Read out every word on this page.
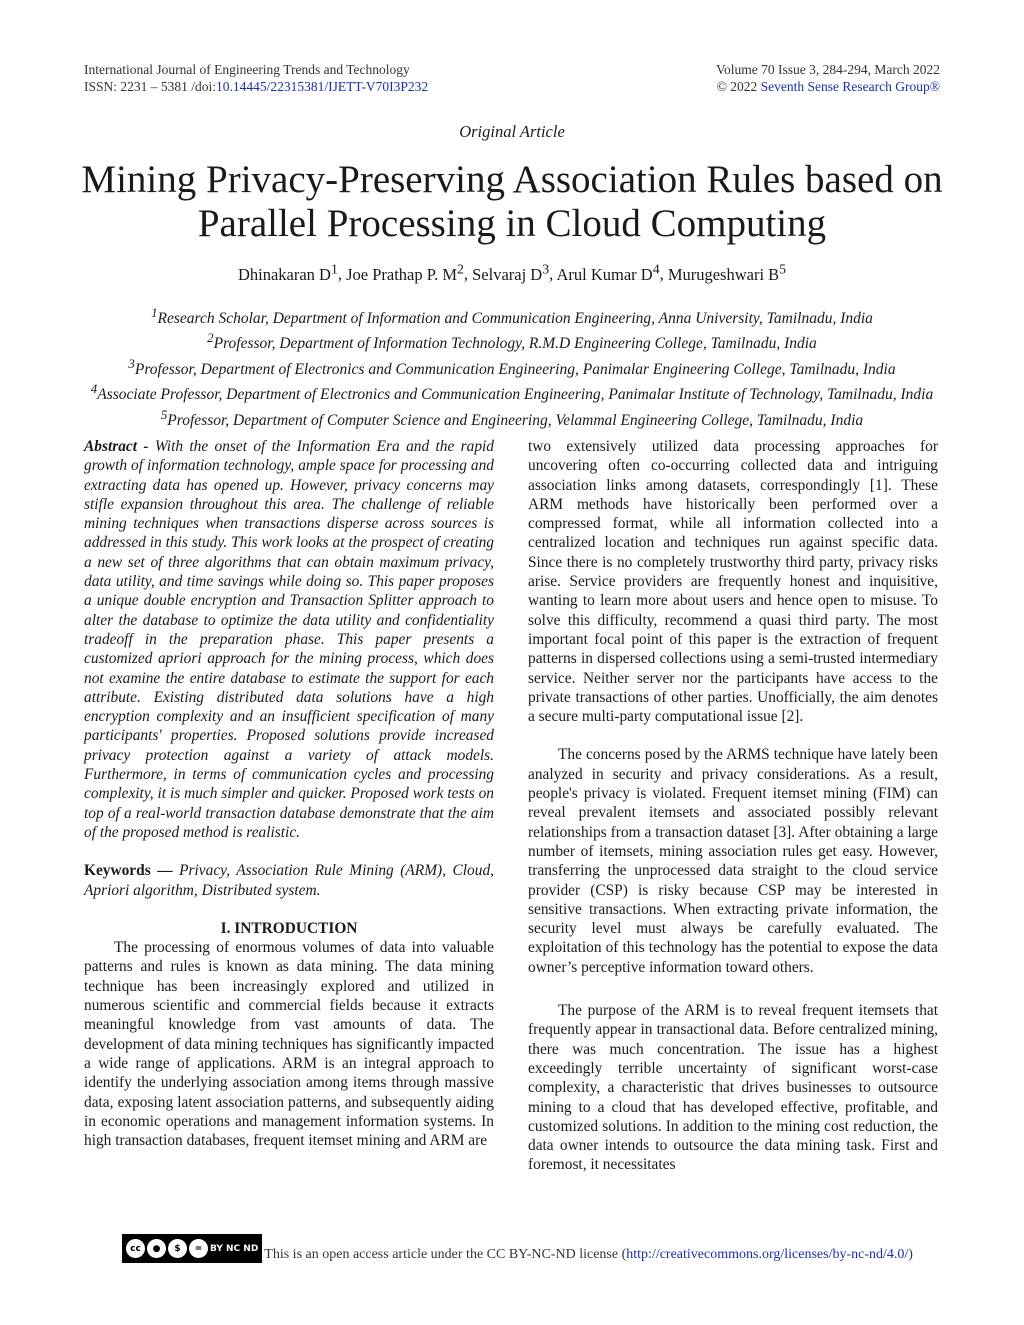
International Journal of Engineering Trends and Technology
ISSN: 2231 – 5381 /doi:10.14445/22315381/IJETT-V70I3P232
Volume 70 Issue 3, 284-294, March 2022
© 2022 Seventh Sense Research Group®
Original Article
Mining Privacy-Preserving Association Rules based on Parallel Processing in Cloud Computing
Dhinakaran $D^1$, Joe Prathap P. $M^2$, Selvaraj $D^3$, Arul Kumar $D^4$, Murugeshwari $B^5$
$^1$Research Scholar, Department of Information and Communication Engineering, Anna University, Tamilnadu, India
$^2$Professor, Department of Information Technology, R.M.D Engineering College, Tamilnadu, India
$^3$Professor, Department of Electronics and Communication Engineering, Panimalar Engineering College, Tamilnadu, India
$^4$Associate Professor, Department of Electronics and Communication Engineering, Panimalar Institute of Technology, Tamilnadu, India
$^5$Professor, Department of Computer Science and Engineering, Velammal Engineering College, Tamilnadu, India

Abstract - With the onset of the Information Era and the rapid growth of information technology, ample space for processing and extracting data has opened up. However, privacy concerns may stifle expansion throughout this area. The challenge of reliable mining techniques when transactions disperse across sources is addressed in this study. This work looks at the prospect of creating a new set of three algorithms that can obtain maximum privacy, data utility, and time savings while doing so. This paper proposes a unique double encryption and Transaction Splitter approach to alter the database to optimize the data utility and confidentiality tradeoff in the preparation phase. This paper presents a customized apriori approach for the mining process, which does not examine the entire database to estimate the support for each attribute. Existing distributed data solutions have a high encryption complexity and an insufficient specification of many participants' properties. Proposed solutions provide increased privacy protection against a variety of attack models. Furthermore, in terms of communication cycles and processing complexity, it is much simpler and quicker. Proposed work tests on top of a real-world transaction database demonstrate that the aim of the proposed method is realistic.

Keywords — Privacy, Association Rule Mining (ARM), Cloud, Apriori algorithm, Distributed system.

I. INTRODUCTION

The processing of enormous volumes of data into valuable patterns and rules is known as data mining. The data mining technique has been increasingly explored and utilized in numerous scientific and commercial fields because it extracts meaningful knowledge from vast amounts of data. The development of data mining techniques has significantly impacted a wide range of applications. ARM is an integral approach to identify the underlying association among items through massive data, exposing latent association patterns, and subsequently aiding in economic operations and management information systems. In high transaction databases, frequent itemset mining and ARM are

two extensively utilized data processing approaches for uncovering often co-occurring collected data and intriguing association links among datasets, correspondingly [1]. These ARM methods have historically been performed over a compressed format, while all information collected into a centralized location and techniques run against specific data. Since there is no completely trustworthy third party, privacy risks arise. Service providers are frequently honest and inquisitive, wanting to learn more about users and hence open to misuse. To solve this difficulty, recommend a quasi third party. The most important focal point of this paper is the extraction of frequent patterns in dispersed collections using a semi-trusted intermediary service. Neither server nor the participants have access to the private transactions of other parties. Unofficially, the aim denotes a secure multi-party computational issue [2].

The concerns posed by the ARMS technique have lately been analyzed in security and privacy considerations. As a result, people's privacy is violated. Frequent itemset mining (FIM) can reveal prevalent itemsets and associated possibly relevant relationships from a transaction dataset [3]. After obtaining a large number of itemsets, mining association rules get easy. However, transferring the unprocessed data straight to the cloud service provider (CSP) is risky because CSP may be interested in sensitive transactions. When extracting private information, the security level must always be carefully evaluated. The exploitation of this technology has the potential to expose the data owner’s perceptive information toward others.

The purpose of the ARM is to reveal frequent itemsets that frequently appear in transactional data. Before centralized mining, there was much concentration. The issue has a highest exceedingly terrible uncertainty of significant worst-case complexity, a characteristic that drives businesses to outsource mining to a cloud that has developed effective, profitable, and customized solutions. In addition to the mining cost reduction, the data owner intends to outsource the data mining task. First and foremost, it necessitates

cc	●	$	= BY NC ND This is an open access article under the CC BY-NC-ND license (http://creativecommons.org/licenses/by-nc-nd/4.0/)
